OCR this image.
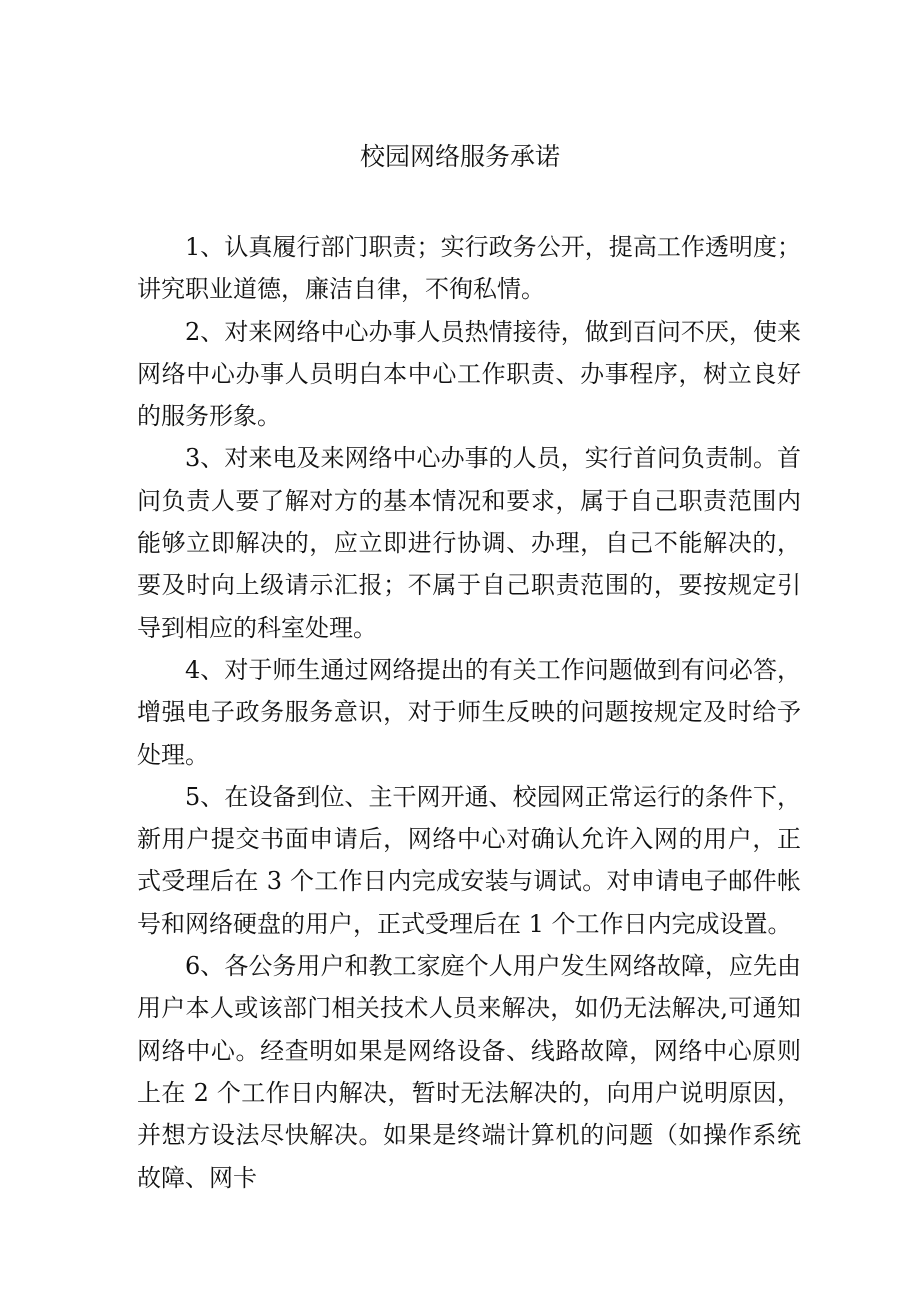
校园网络服务承诺

1、认真履行部门职责；实行政务公开，提高工作透明度；讲究职业道德，廉洁自律，不徇私情。

2、对来网络中心办事人员热情接待，做到百问不厌，使来网络中心办事人员明白本中心工作职责、办事程序，树立良好的服务形象。

3、对来电及来网络中心办事的人员，实行首问负责制。首问负责人要了解对方的基本情况和要求，属于自己职责范围内能够立即解决的，应立即进行协调、办理，自己不能解决的，要及时向上级请示汇报；不属于自己职责范围的，要按规定引导到相应的科室处理。

4、对于师生通过网络提出的有关工作问题做到有问必答，增强电子政务服务意识，对于师生反映的问题按规定及时给予处理。

5、在设备到位、主干网开通、校园网正常运行的条件下，新用户提交书面申请后，网络中心对确认允许入网的用户，正式受理后在 3 个工作日内完成安装与调试。对申请电子邮件帐号和网络硬盘的用户，正式受理后在 1 个工作日内完成设置。

6、各公务用户和教工家庭个人用户发生网络故障，应先由用户本人或该部门相关技术人员来解决，如仍无法解决,可通知网络中心。经查明如果是网络设备、线路故障，网络中心原则上在 2 个工作日内解决，暂时无法解决的，向用户说明原因，并想方设法尽快解决。如果是终端计算机的问题（如操作系统故障、网卡
